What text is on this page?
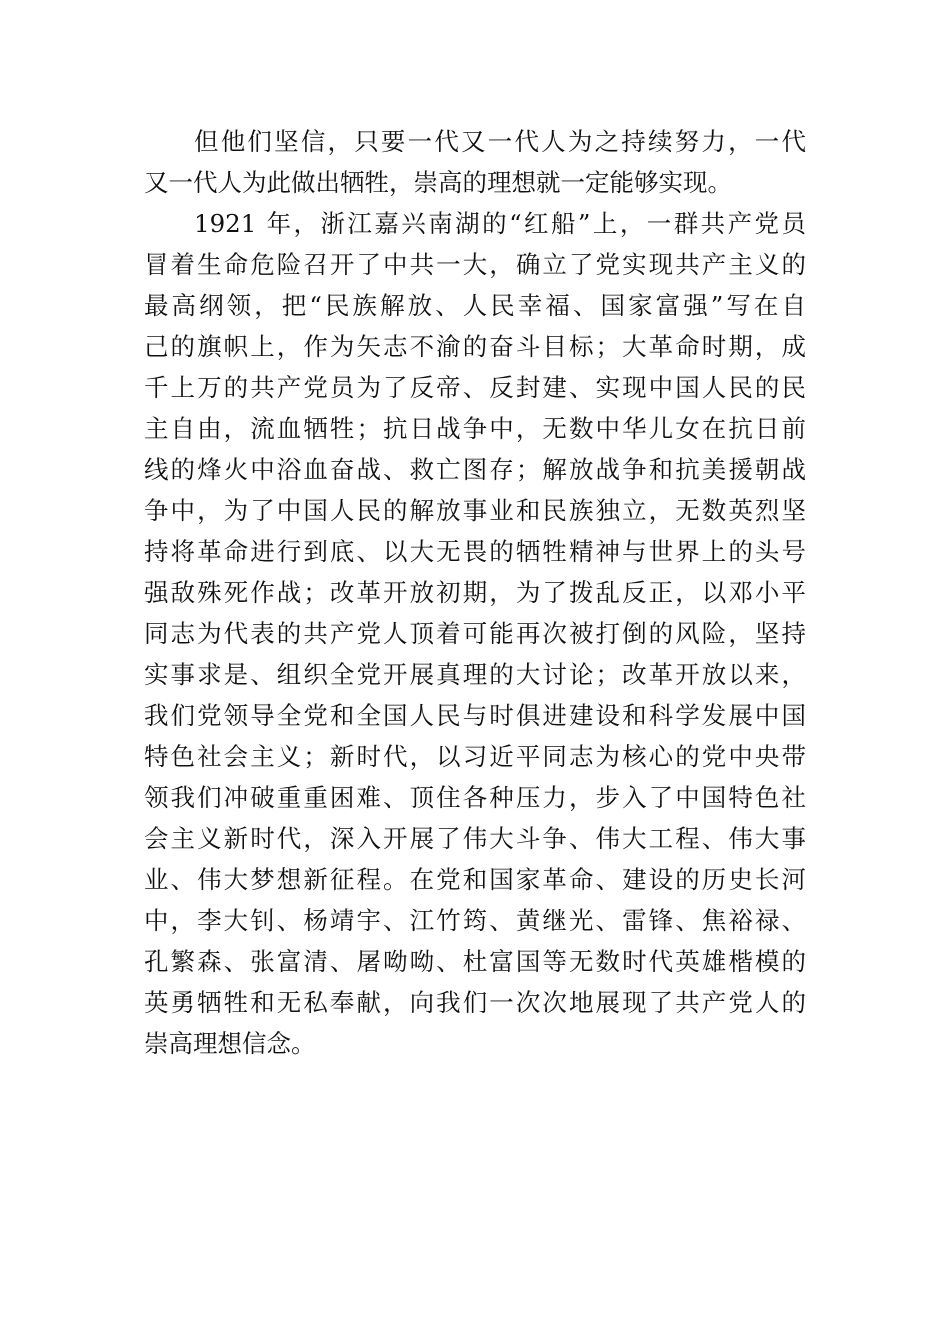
但他们坚信，只要一代又一代人为之持续努力，一代
又一代人为此做出牺牲，崇高的理想就一定能够实现。
1921 年，浙江嘉兴南湖的“红船”上，一群共产党员
冒着生命危险召开了中共一大，确立了党实现共产主义的
最高纲领，把“民族解放、人民幸福、国家富强”写在自
己的旗帜上，作为矢志不渝的奋斗目标；大革命时期，成
千上万的共产党员为了反帝、反封建、实现中国人民的民
主自由，流血牺牲；抗日战争中，无数中华儿女在抗日前
线的烽火中浴血奋战、救亡图存；解放战争和抗美援朝战
争中，为了中国人民的解放事业和民族独立，无数英烈坚
持将革命进行到底、以大无畏的牺牲精神与世界上的头号
强敌殊死作战；改革开放初期，为了拨乱反正，以邓小平
同志为代表的共产党人顶着可能再次被打倒的风险，坚持
实事求是、组织全党开展真理的大讨论；改革开放以来，
我们党领导全党和全国人民与时俱进建设和科学发展中国
特色社会主义；新时代，以习近平同志为核心的党中央带
领我们冲破重重困难、顶住各种压力，步入了中国特色社
会主义新时代，深入开展了伟大斗争、伟大工程、伟大事
业、伟大梦想新征程。在党和国家革命、建设的历史长河
中，李大钊、杨靖宇、江竹筠、黄继光、雷锋、焦裕禄、
孔繁森、张富清、屠呦呦、杜富国等无数时代英雄楷模的
英勇牺牲和无私奉献，向我们一次次地展现了共产党人的
崇高理想信念。
